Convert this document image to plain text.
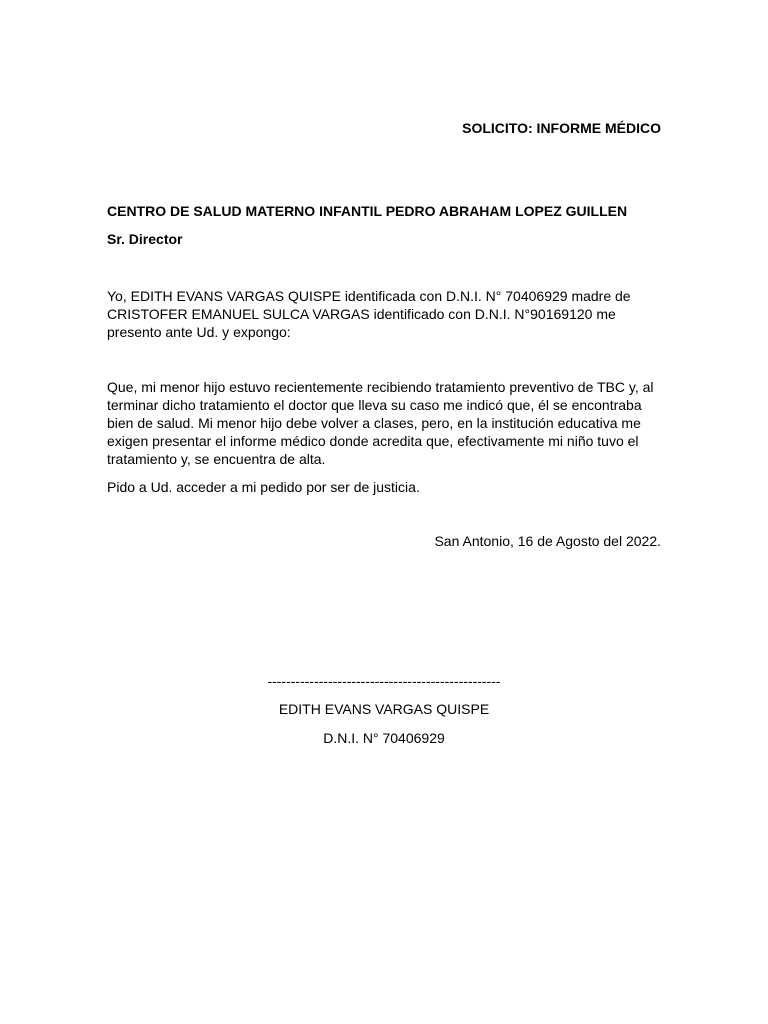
SOLICITO: INFORME MÉDICO
CENTRO DE SALUD MATERNO INFANTIL PEDRO ABRAHAM LOPEZ GUILLEN
Sr. Director
Yo, EDITH EVANS VARGAS QUISPE identificada con D.N.I. N° 70406929 madre de
CRISTOFER EMANUEL SULCA VARGAS identificado con D.N.I. N°90169120 me
presento ante Ud. y expongo:
Que, mi menor hijo estuvo recientemente recibiendo tratamiento preventivo de TBC y, al
terminar dicho tratamiento el doctor que lleva su caso me indicó que, él se encontraba
bien de salud. Mi menor hijo debe volver a clases, pero, en la institución educativa me
exigen presentar el informe médico donde acredita que, efectivamente mi niño tuvo el
tratamiento y, se encuentra de alta.
Pido a Ud. acceder a mi pedido por ser de justicia.
San Antonio, 16 de Agosto del 2022.
--------------------------------------------------
EDITH EVANS VARGAS QUISPE
D.N.I. N° 70406929
